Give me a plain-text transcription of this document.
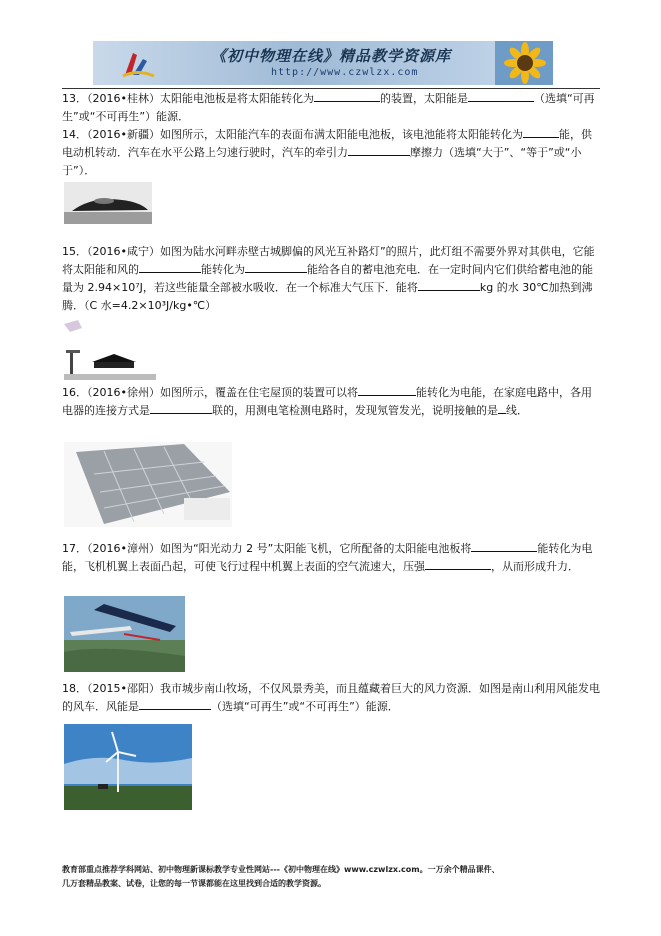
《初中物理在线》精品教学资源库
http://www.czwlzx.com

13．（2016•桂林）太阳能电池板是将太阳能转化为	的装置，太阳能是	（选填“可再生”或“不可再生”）能源．

14．（2016•新疆）如图所示，太阳能汽车的表面布满太阳能电池板，该电池能将太阳能转化为	能，供电动机转动．汽车在水平公路上匀速行驶时，汽车的牵引力	摩擦力（选填“大于”、“等于”或“小于”）．

15．（2016•咸宁）如图为陆水河畔赤壁古城脚偏的风光互补路灯”的照片，此灯组不需要外界对其供电，它能将太阳能和风的	能转化为	能给各自的蓄电池充电．在一定时间内它们供给蓄电池的能量为 2.94×10⁷J，若这些能量全部被水吸收．在一个标准大气压下．能将	kg 的水 30℃加热到沸腾．（C 水=4.2×10³J/kg•℃）

16．（2016•徐州）如图所示，覆盖在住宅屋顶的装置可以将	能转化为电能，在家庭电路中，各用电器的连接方式是	联的，用测电笔检测电路时，发现氖管发光，说明接触的是 线．

17．（2016•漳州）如图为“阳光动力 2 号”太阳能飞机，它所配备的太阳能电池板将	能转化为电能，飞机机翼上表面凸起，可使飞行过程中机翼上表面的空气流速大，压强	，从而形成升力．

18．（2015•邵阳）我市城步南山牧场，不仅风景秀美，而且蕴藏着巨大的风力资源．如图是南山利用风能发电的风车．风能是	（选填“可再生”或“不可再生”）能源．

教育部重点推荐学科网站、初中物理新课标教学专业性网站---《初中物理在线》www.czwlzx.com。一万余个精品课件、
几万套精品教案、试卷，让您的每一节课都能在这里找到合适的教学资源。
